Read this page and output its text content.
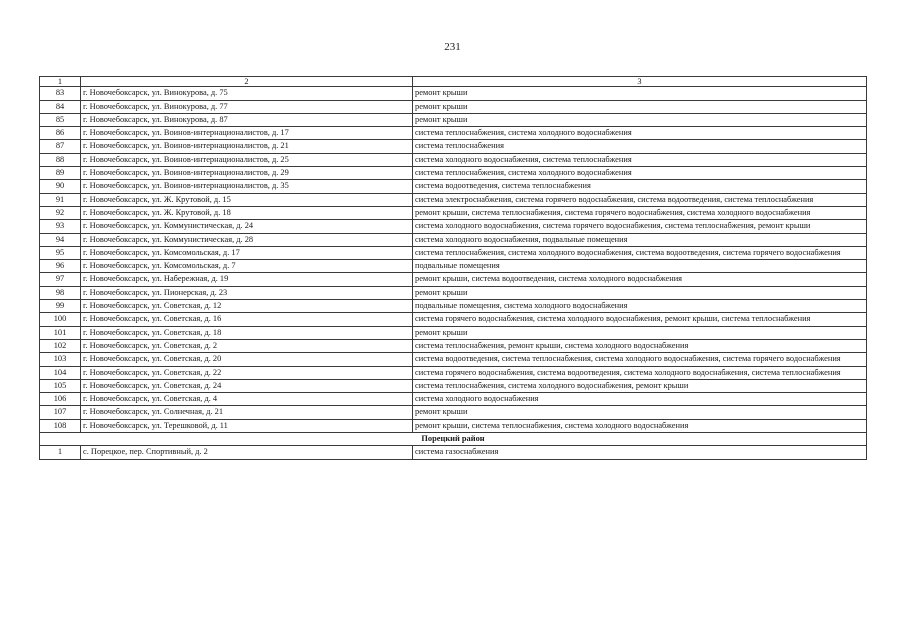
231
1	2	3
83	г. Новочебоксарск, ул. Винокурова, д. 75	ремонт крыши
84	г. Новочебоксарск, ул. Винокурова, д. 77	ремонт крыши
85	г. Новочебоксарск, ул. Винокурова, д. 87	ремонт крыши
86	г. Новочебоксарск, ул. Воинов-интернационалистов, д. 17	система теплоснабжения, система холодного водоснабжения
87	г. Новочебоксарск, ул. Воинов-интернационалистов, д. 21	система теплоснабжения
88	г. Новочебоксарск, ул. Воинов-интернационалистов, д. 25	система холодного водоснабжения, система теплоснабжения
89	г. Новочебоксарск, ул. Воинов-интернационалистов, д. 29	система теплоснабжения, система холодного водоснабжения
90	г. Новочебоксарск, ул. Воинов-интернационалистов, д. 35	система водоотведения, система теплоснабжения
91	г. Новочебоксарск, ул. Ж. Крутовой, д. 15	система электроснабжения, система горячего водоснабжения, система водоотведения, система теплоснабжения
92	г. Новочебоксарск, ул. Ж. Крутовой, д. 18	ремонт крыши, система теплоснабжения, система горячего водоснабжения, система холодного водоснабжения
93	г. Новочебоксарск, ул. Коммунистическая, д. 24	система холодного водоснабжения, система горячего водоснабжения, система теплоснабжения, ремонт крыши
94	г. Новочебоксарск, ул. Коммунистическая, д. 28	система холодного водоснабжения, подвальные помещения
95	г. Новочебоксарск, ул. Комсомольская, д. 17	система теплоснабжения, система холодного водоснабжения, система водоотведения, система горячего водоснабжения
96	г. Новочебоксарск, ул. Комсомольская, д. 7	подвальные помещения
97	г. Новочебоксарск, ул. Набережная, д. 19	ремонт крыши, система водоотведения, система холодного водоснабжения
98	г. Новочебоксарск, ул. Пионерская, д. 23	ремонт крыши
99	г. Новочебоксарск, ул. Советская, д. 12	подвальные помещения, система холодного водоснабжения
100	г. Новочебоксарск, ул. Советская, д. 16	система горячего водоснабжения, система холодного водоснабжения, ремонт крыши, система теплоснабжения
101	г. Новочебоксарск, ул. Советская, д. 18	ремонт крыши
102	г. Новочебоксарск, ул. Советская, д. 2	система теплоснабжения, ремонт крыши, система холодного водоснабжения
103	г. Новочебоксарск, ул. Советская, д. 20	система водоотведения, система теплоснабжения, система холодного водоснабжения, система горячего водоснабжения
104	г. Новочебоксарск, ул. Советская, д. 22	система горячего водоснабжения, система водоотведения, система холодного водоснабжения, система теплоснабжения
105	г. Новочебоксарск, ул. Советская, д. 24	система теплоснабжения, система холодного водоснабжения, ремонт крыши
106	г. Новочебоксарск, ул. Советская, д. 4	система холодного водоснабжения
107	г. Новочебоксарск, ул. Солнечная, д. 21	ремонт крыши
108	г. Новочебоксарск, ул. Терешковой, д. 11	ремонт крыши, система теплоснабжения, система холодного водоснабжения
Порецкий район		
1	с. Порецкое, пер. Спортивный, д. 2	система газоснабжения
